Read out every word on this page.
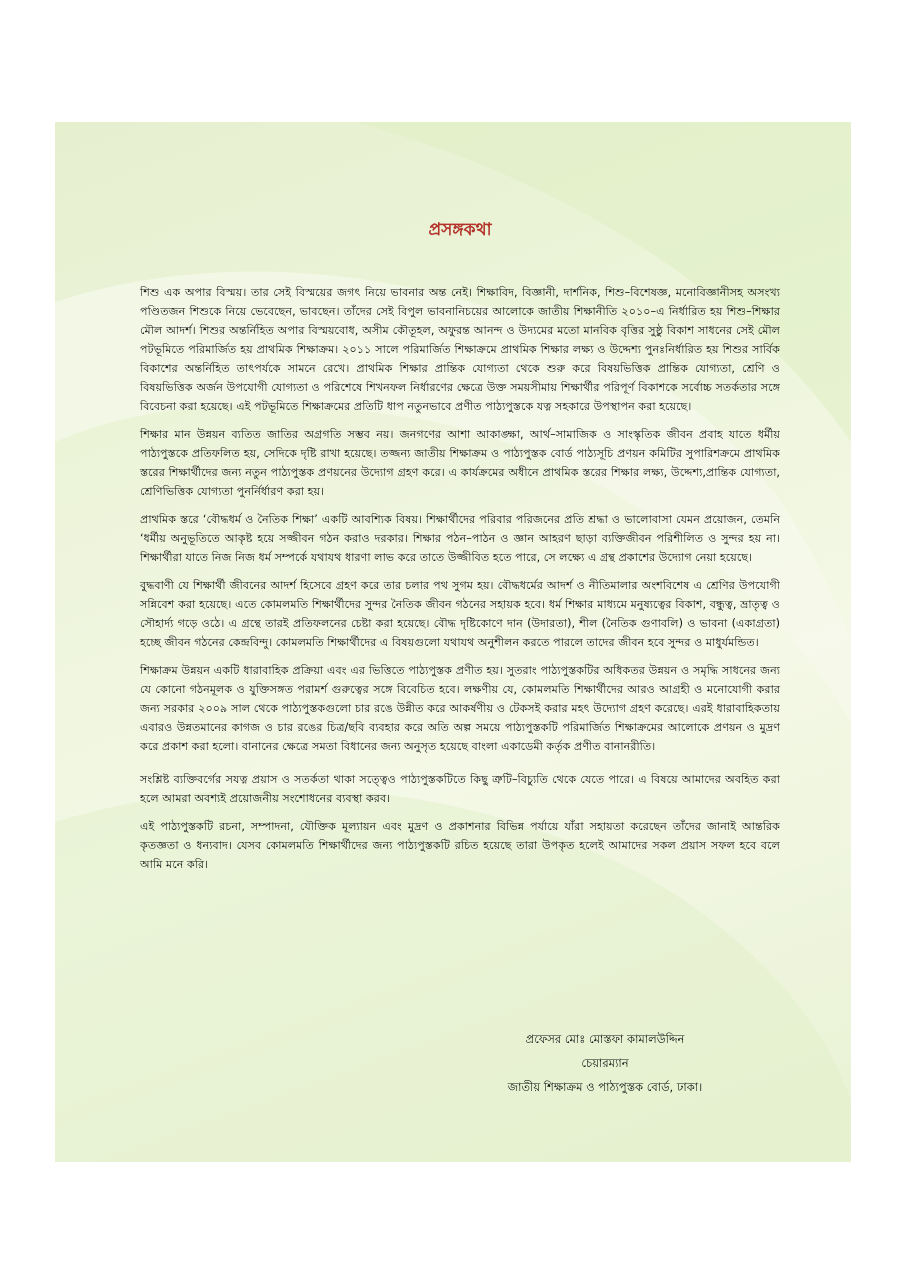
প্রসঙ্গকথা

শিশু এক অপার বিস্ময়। তার সেই বিস্ময়ের জগৎ নিয়ে ভাবনার অন্ত নেই। শিক্ষাবিদ, বিজ্ঞানী, দার্শনিক, শিশু–বিশেষজ্ঞ, মনোবিজ্ঞানীসহ অসংখ্য পণ্ডিতজন শিশুকে নিয়ে ভেবেছেন, ভাবছেন। তাঁদের সেই বিপুল ভাবনানিচয়ের আলোকে জাতীয় শিক্ষানীতি ২০১০–এ নির্ধারিত হয় শিশু–শিক্ষার মৌল আদর্শ। শিশুর অন্তর্নিহিত অপার বিস্ময়বোধ, অসীম কৌতূহল, অফুরন্ত আনন্দ ও উদ্যমের মতো মানবিক বৃত্তির সুষ্ঠু বিকাশ সাধনের সেই মৌল পটভূমিতে পরিমার্জিত হয় প্রাথমিক শিক্ষাক্রম। ২০১১ সালে পরিমার্জিত শিক্ষাক্রমে প্রাথমিক শিক্ষার লক্ষ্য ও উদ্দেশ্য পুনঃনির্ধারিত হয় শিশুর সার্বিক বিকাশের অন্তর্নিহিত তাৎপর্যকে সামনে রেখে। প্রাথমিক শিক্ষার প্রান্তিক যোগ্যতা থেকে শুরু করে বিষয়ভিত্তিক প্রান্তিক যোগ্যতা, শ্রেণি ও বিষয়ভিত্তিক অর্জন উপযোগী যোগ্যতা ও পরিশেষে শিখনফল নির্ধারণের ক্ষেত্রে উক্ত সময়সীমায় শিক্ষার্থীর পরিপূর্ণ বিকাশকে সর্বোচ্চ সতর্কতার সঙ্গে বিবেচনা করা হয়েছে। এই পটভূমিতে শিক্ষাক্রমের প্রতিটি ধাপ নতুনভাবে প্রণীত পাঠ্যপুস্তকে যত্ন সহকারে উপস্থাপন করা হয়েছে।

শিক্ষার মান উন্নয়ন ব্যতিত জাতির অগ্রগতি সম্ভব নয়। জনগণের আশা আকাঙ্ক্ষা, আর্থ–সামাজিক ও সাংস্কৃতিক জীবন প্রবাহ যাতে ধর্মীয় পাঠ্যপুস্তকে প্রতিফলিত হয়, সেদিকে দৃষ্টি রাখা হয়েছে। তজ্জন্য জাতীয় শিক্ষাক্রম ও পাঠ্যপুস্তক বোর্ড পাঠ্যসূচি প্রণয়ন কমিটির সুপারিশক্রমে প্রাথমিক স্তরের শিক্ষার্থীদের জন্য নতুন পাঠ্যপুস্তক প্রণয়নের উদ্যোগ গ্রহণ করে। এ কার্যক্রমের অধীনে প্রাথমিক স্তরের শিক্ষার লক্ষ্য, উদ্দেশ্য,প্রান্তিক যোগ্যতা, শ্রেণিভিত্তিক যোগ্যতা পুনর্নির্ধারণ করা হয়।

প্রাথমিক স্তরে ‘বৌদ্ধধর্ম ও নৈতিক শিক্ষা’ একটি আবশ্যিক বিষয়। শিক্ষার্থীদের পরিবার পরিজনের প্রতি শ্রদ্ধা ও ভালোবাসা যেমন প্রয়োজন, তেমনি ‘ধর্মীয় অনুভূতিতে আকৃষ্ট হয়ে সজ্জীবন গঠন করাও দরকার। শিক্ষার পঠন–পাঠন ও জ্ঞান আহরণ ছাড়া ব্যক্তিজীবন পরিশীলিত ও সুন্দর হয় না। শিক্ষার্থীরা যাতে নিজ নিজ ধর্ম সম্পর্কে যথাযথ ধারণা লাভ করে তাতে উজ্জীবিত হতে পারে, সে লক্ষ্যে এ গ্রন্থ প্রকাশের উদ্যোগ নেয়া হয়েছে।

বুদ্ধবাণী যে শিক্ষার্থী জীবনের আদর্শ হিসেবে গ্রহণ করে তার চলার পথ সুগম হয়। বৌদ্ধধর্মের আদর্শ ও নীতিমালার অংশবিশেষ এ শ্রেণির উপযোগী সন্নিবেশ করা হয়েছে। এতে কোমলমতি শিক্ষার্থীদের সুন্দর নৈতিক জীবন গঠনের সহায়ক হবে। ধর্ম শিক্ষার মাধ্যমে মনুষ্যত্বের বিকাশ, বন্ধুত্ব, ভ্রাতৃত্ব ও সৌহার্দ্য গড়ে ওঠে। এ গ্রন্থে তারই প্রতিফলনের চেষ্টা করা হয়েছে। বৌদ্ধ দৃষ্টিকোণে দান (উদারতা), শীল (নৈতিক গুণাবলি) ও ভাবনা (একাগ্রতা) হচ্ছে জীবন গঠনের কেন্দ্রবিন্দু। কোমলমতি শিক্ষার্থীদের এ বিষয়গুলো যথাযথ অনুশীলন করতে পারলে তাদের জীবন হবে সুন্দর ও মাধুর্যমন্ডিত।

শিক্ষাক্রম উন্নয়ন একটি ধারাবাহিক প্রক্রিয়া এবং এর ভিত্তিতে পাঠ্যপুস্তক প্রণীত হয়। সুতরাং পাঠ্যপুস্তকটির অধিকতর উন্নয়ন ও সমৃদ্ধি সাধনের জন্য যে কোনো গঠনমূলক ও যুক্তিসঙ্গত পরামর্শ গুরুত্বের সঙ্গে বিবেচিত হবে। লক্ষণীয় যে, কোমলমতি শিক্ষার্থীদের আরও আগ্রহী ও মনোযোগী করার জন্য সরকার ২০০৯ সাল থেকে পাঠ্যপুস্তকগুলো চার রঙে উন্নীত করে আকর্ষণীয় ও টেকসই করার মহৎ উদ্যোগ গ্রহণ করেছে। এরই ধারাবাহিকতায় এবারও উন্নতমানের কাগজ ও চার রঙের চিত্র/ছবি ব্যবহার করে অতি অল্প সময়ে পাঠ্যপুস্তকটি পরিমার্জিত শিক্ষাক্রমের আলোকে প্রণয়ন ও মুদ্রণ করে প্রকাশ করা হলো। বানানের ক্ষেত্রে সমতা বিধানের জন্য অনুসৃত হয়েছে বাংলা একাডেমী কর্তৃক প্রণীত বানানরীতি।

সংশ্লিষ্ট ব্যক্তিবর্গের সযত্ন প্রয়াস ও সতর্কতা থাকা সত্ত্বেও পাঠ্যপুস্তকটিতে কিছু ত্রুটি–বিচ্যুতি থেকে যেতে পারে। এ বিষয়ে আমাদের অবহিত করা হলে আমরা অবশ্যই প্রয়োজনীয় সংশোধনের ব্যবস্থা করব।

এই পাঠ্যপুস্তকটি রচনা, সম্পাদনা, যৌক্তিক মূল্যায়ন এবং মুদ্রণ ও প্রকাশনার বিভিন্ন পর্যায়ে যাঁরা সহায়তা করেছেন তাঁদের জানাই আন্তরিক কৃতজ্ঞতা ও ধন্যবাদ। যেসব কোমলমতি শিক্ষার্থীদের জন্য পাঠ্যপুস্তকটি রচিত হয়েছে তারা উপকৃত হলেই আমাদের সকল প্রয়াস সফল হবে বলে আমি মনে করি।

প্রফেসর মোঃ মোস্তফা কামালউদ্দিন
চেয়ারম্যান
জাতীয় শিক্ষাক্রম ও পাঠ্যপুস্তক বোর্ড, ঢাকা।
